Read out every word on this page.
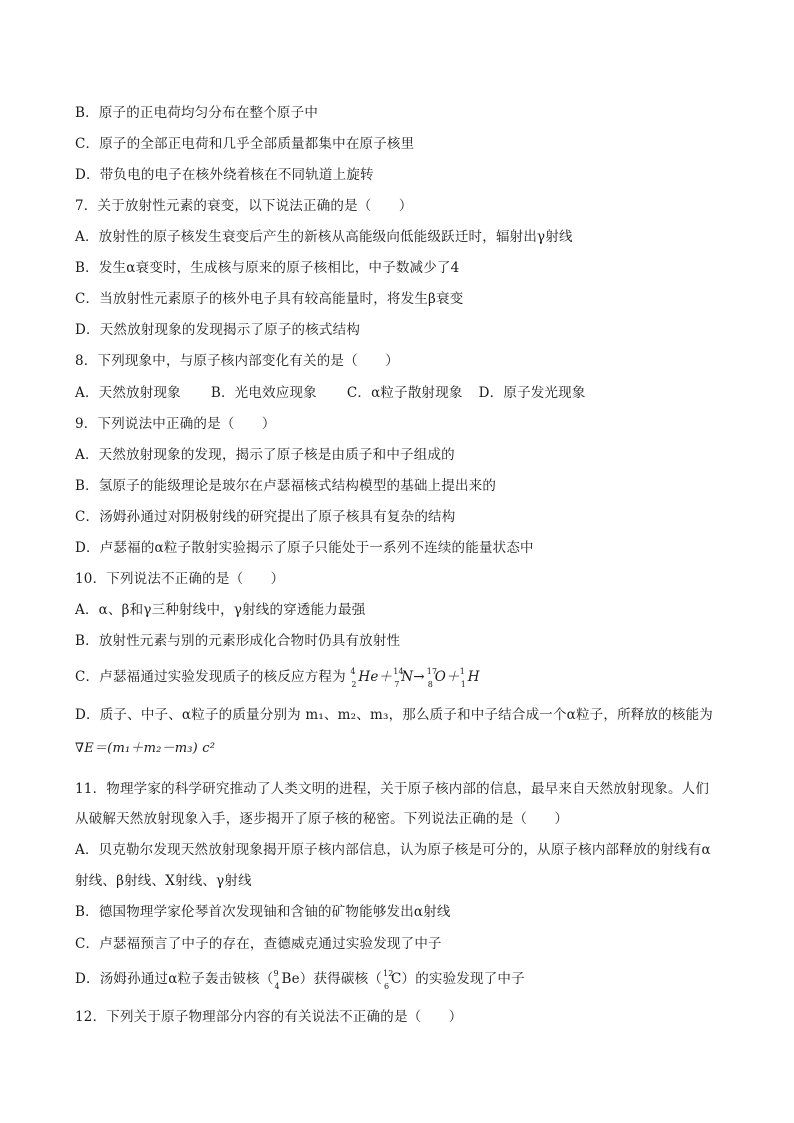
B．原子的正电荷均匀分布在整个原子中
C．原子的全部正电荷和几乎全部质量都集中在原子核里
D．带负电的电子在核外绕着核在不同轨道上旋转
7．关于放射性元素的衰变，以下说法正确的是（　　）
A．放射性的原子核发生衰变后产生的新核从高能级向低能级跃迁时，辐射出γ射线
B．发生α衰变时，生成核与原来的原子核相比，中子数减少了4
C．当放射性元素原子的核外电子具有较高能量时，将发生β衰变
D．天然放射现象的发现揭示了原子的核式结构
8．下列现象中，与原子核内部变化有关的是（　　）
A．天然放射现象 B．光电效应现象 C．α粒子散射现象 D．原子发光现象
9．下列说法中正确的是（　　）
A．天然放射现象的发现，揭示了原子核是由质子和中子组成的
B．氢原子的能级理论是玻尔在卢瑟福核式结构模型的基础上提出来的
C．汤姆孙通过对阴极射线的研究提出了原子核具有复杂的结构
D．卢瑟福的α粒子散射实验揭示了原子只能处于一系列不连续的能量状态中
10．下列说法不正确的是（　　）
A．α、β和γ三种射线中，γ射线的穿透能力最强
B．放射性元素与别的元素形成化合物时仍具有放射性
C．卢瑟福通过实验发现质子的核反应方程为 4
2 He＋ 14
7 N→ 17
8 O＋ 1
1 H
D．质子、中子、α粒子的质量分别为 m₁、m₂、m₃，那么质子和中子结合成一个α粒子，所释放的核能为
∇E＝(m₁＋m₂－m₃) c²
11．物理学家的科学研究推动了人类文明的进程，关于原子核内部的信息，最早来自天然放射现象。人们
从破解天然放射现象入手，逐步揭开了原子核的秘密。下列说法正确的是（　　）
A．贝克勒尔发现天然放射现象揭开原子核内部信息，认为原子核是可分的，从原子核内部释放的射线有α
射线、β射线、X射线、γ射线
B．德国物理学家伦琴首次发现铀和含铀的矿物能够发出α射线
C．卢瑟福预言了中子的存在，查德威克通过实验发现了中子
D．汤姆孙通过α粒子轰击铍核（ 9
4 Be）获得碳核（ 12
6 C）的实验发现了中子
12．下列关于原子物理部分内容的有关说法不正确的是（　　）
